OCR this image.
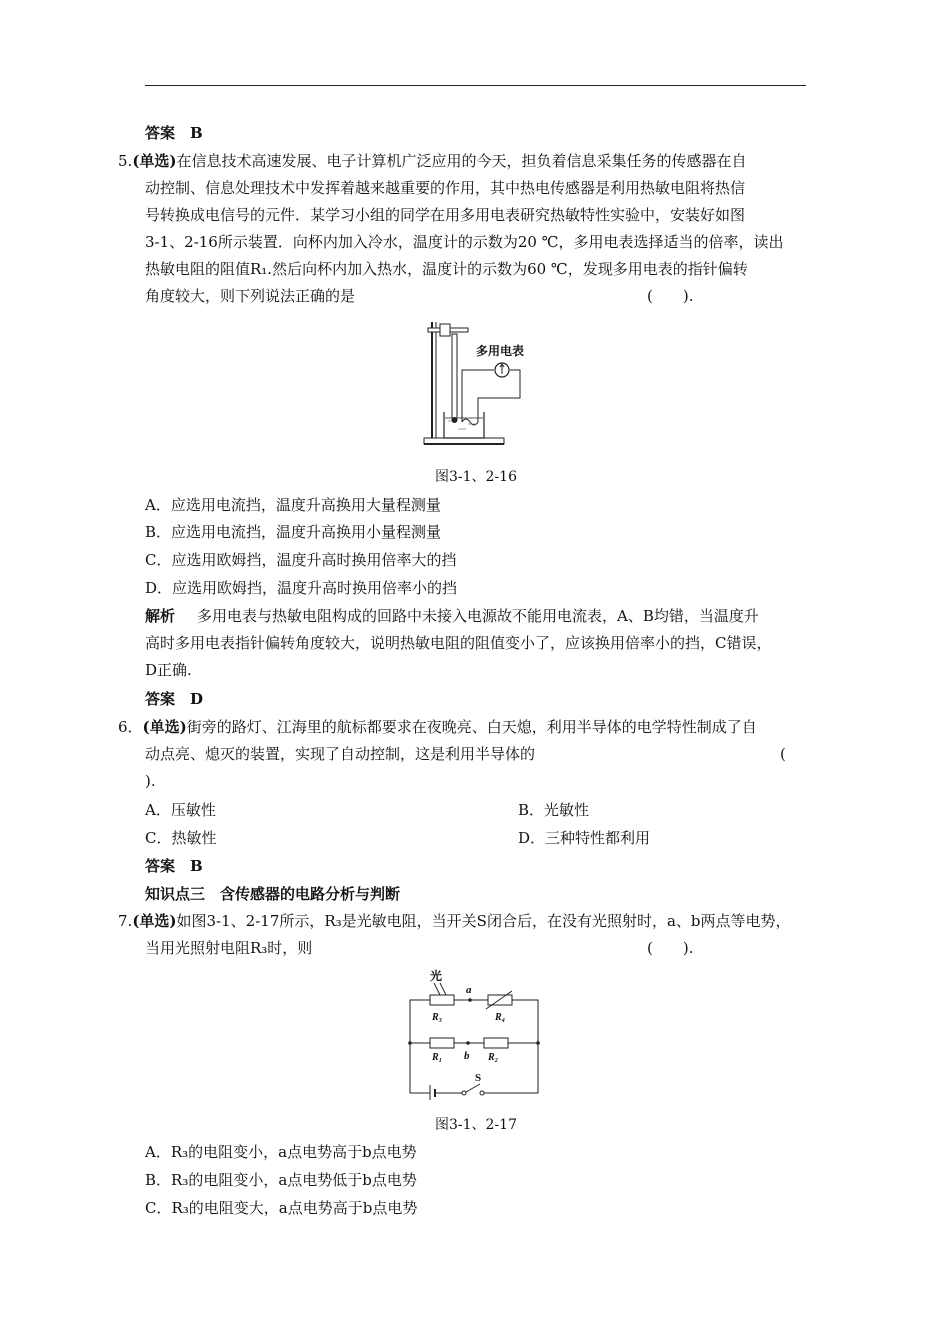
答案　B
5.(单选)在信息技术高速发展、电子计算机广泛应用的今天，担负着信息采集任务的传感器在自
动控制、信息处理技术中发挥着越来越重要的作用，其中热电传感器是利用热敏电阻将热信
号转换成电信号的元件．某学习小组的同学在用多用电表研究热敏特性实验中，安装好如图
3-1、2-16所示装置．向杯内加入冷水，温度计的示数为20 ℃，多用电表选择适当的倍率，读出
热敏电阻的阻值R₁.然后向杯内加入热水，温度计的示数为60 ℃，发现多用电表的指针偏转
角度较大，则下列说法正确的是	(　　).
多用电表
图3-1、2-16
A．应选用电流挡，温度升高换用大量程测量
B．应选用电流挡，温度升高换用小量程测量
C．应选用欧姆挡，温度升高时换用倍率大的挡
D．应选用欧姆挡，温度升高时换用倍率小的挡
解析 多用电表与热敏电阻构成的回路中未接入电源故不能用电流表，A、B均错，当温度升
高时多用电表指针偏转角度较大，说明热敏电阻的阻值变小了，应该换用倍率小的挡，C错误，
D正确.
答案　D
6．(单选)街旁的路灯、江海里的航标都要求在夜晚亮、白天熄，利用半导体的电学特性制成了自
动点亮、熄灭的装置，实现了自动控制，这是利用半导体的	(
).
A．压敏性	B．光敏性
C．热敏性	D．三种特性都利用
答案　B
知识点三　含传感器的电路分析与判断
7.(单选)如图3-1、2-17所示，R₃是光敏电阻，当开关S闭合后，在没有光照射时，a、b两点等电势，
当用光照射电阻R₃时，则	(　　).
光
a
R₃	R₄
R₁ b R₂
S
图3-1、2-17
A．R₃的电阻变小，a点电势高于b点电势
B．R₃的电阻变小，a点电势低于b点电势
C．R₃的电阻变大，a点电势高于b点电势
